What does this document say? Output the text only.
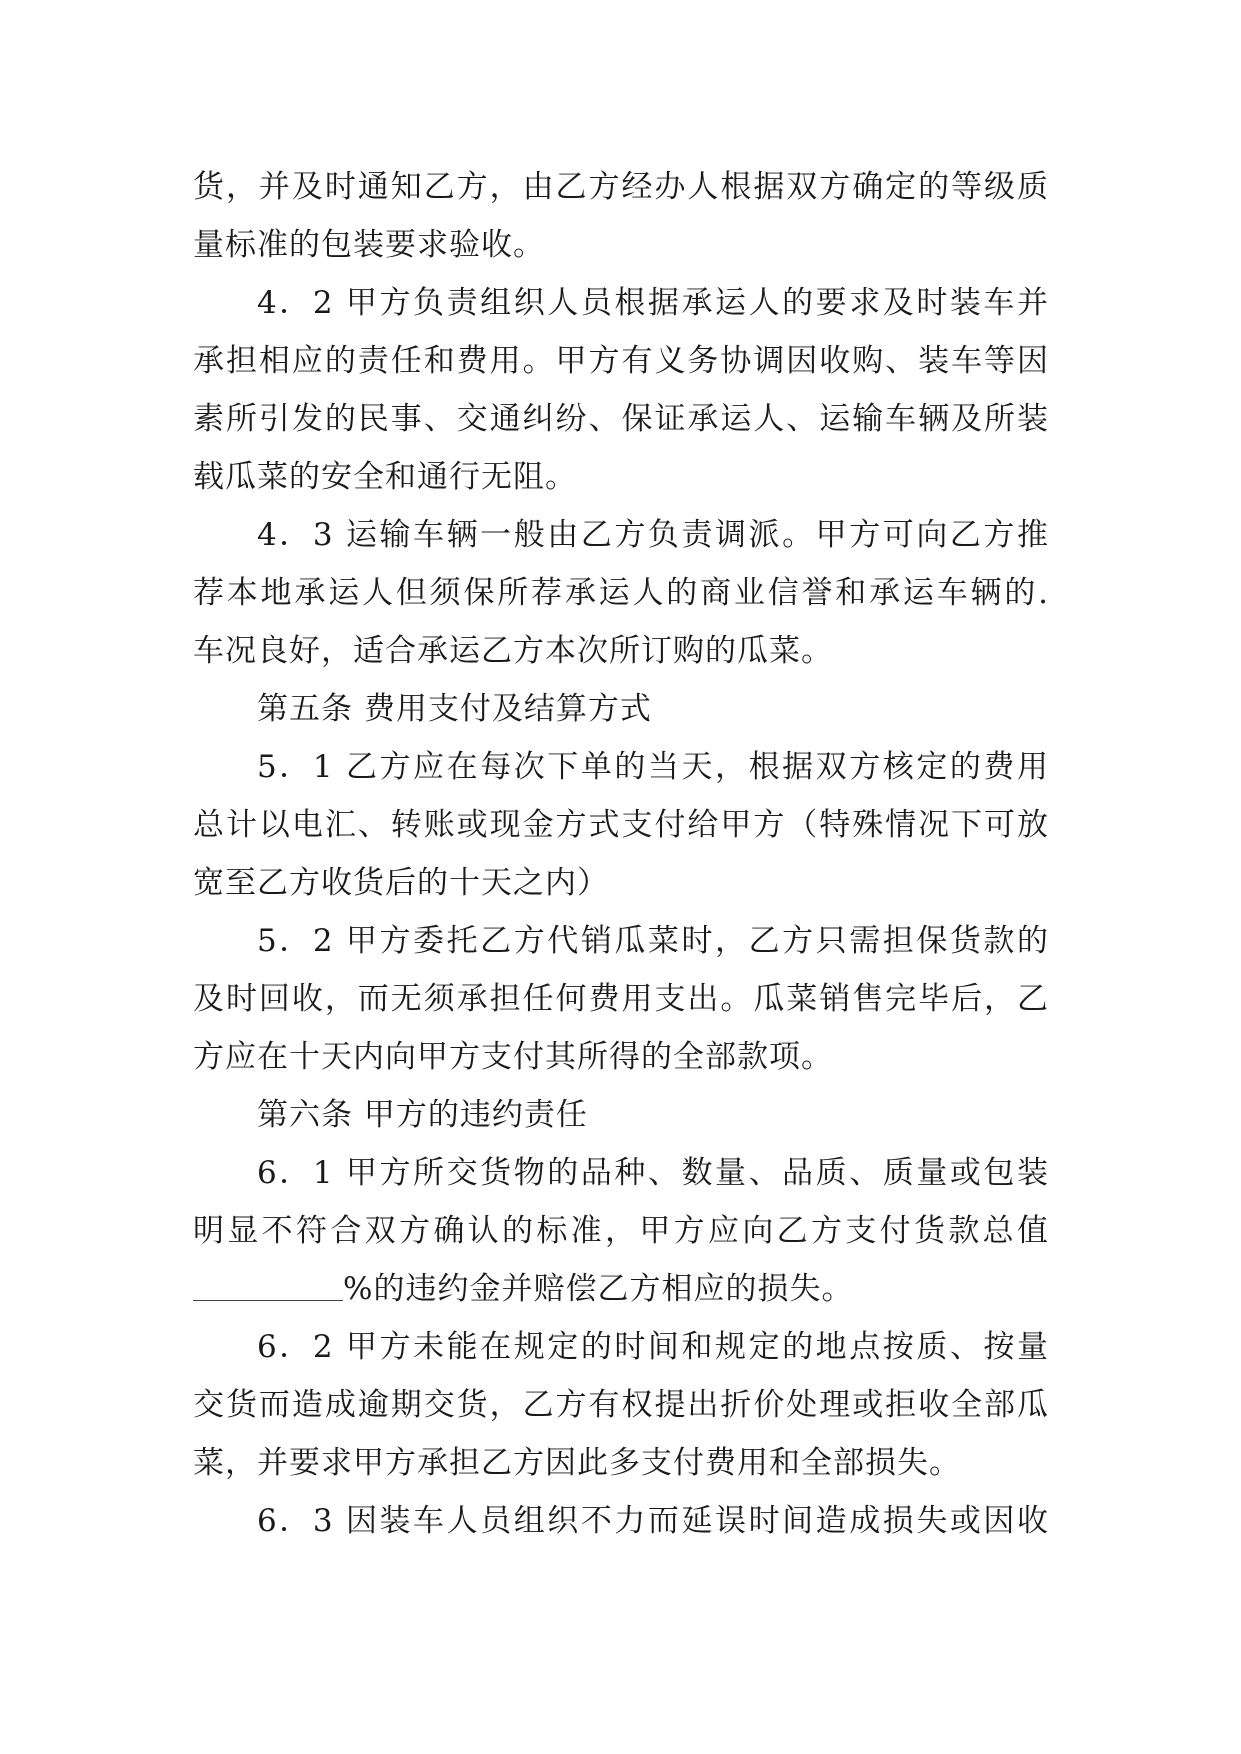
货，并及时通知乙方，由乙方经办人根据双方确定的等级质
量标准的包装要求验收。
4．2 甲方负责组织人员根据承运人的要求及时装车并
承担相应的责任和费用。甲方有义务协调因收购、装车等因
素所引发的民事、交通纠纷、保证承运人、运输车辆及所装
载瓜菜的安全和通行无阻。
4．3 运输车辆一般由乙方负责调派。甲方可向乙方推
荐本地承运人但须保所荐承运人的商业信誉和承运车辆的.
车况良好，适合承运乙方本次所订购的瓜菜。
第五条 费用支付及结算方式
5．1 乙方应在每次下单的当天，根据双方核定的费用
总计以电汇、转账或现金方式支付给甲方（特殊情况下可放
宽至乙方收货后的十天之内）
5．2 甲方委托乙方代销瓜菜时，乙方只需担保货款的
及时回收，而无须承担任何费用支出。瓜菜销售完毕后，乙
方应在十天内向甲方支付其所得的全部款项。
第六条 甲方的违约责任
6．1 甲方所交货物的品种、数量、品质、质量或包装
明显不符合双方确认的标准，甲方应向乙方支付货款总值
%的违约金并赔偿乙方相应的损失。
6．2 甲方未能在规定的时间和规定的地点按质、按量
交货而造成逾期交货，乙方有权提出折价处理或拒收全部瓜
菜，并要求甲方承担乙方因此多支付费用和全部损失。
6．3 因装车人员组织不力而延误时间造成损失或因收
